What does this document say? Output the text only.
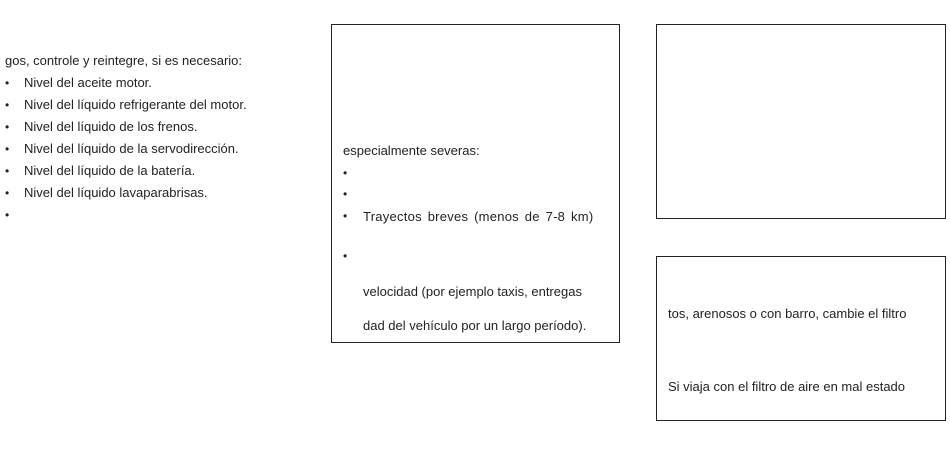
gos, controle y reintegre, si es necesario:
• Nivel del aceite motor.
• Nivel del líquido refrigerante del motor.
• Nivel del líquido de los frenos.
• Nivel del líquido de la servodirección.
• Nivel del líquido de la batería.
• Nivel del líquido lavaparabrisas.
•
especialmente severas:
•
•
• Trayectos breves (menos de 7-8 km)
•
velocidad (por ejemplo taxis, entregas
dad del vehículo por un largo período).
tos, arenosos o con barro, cambie el filtro
Si viaja con el filtro de aire en mal estado
